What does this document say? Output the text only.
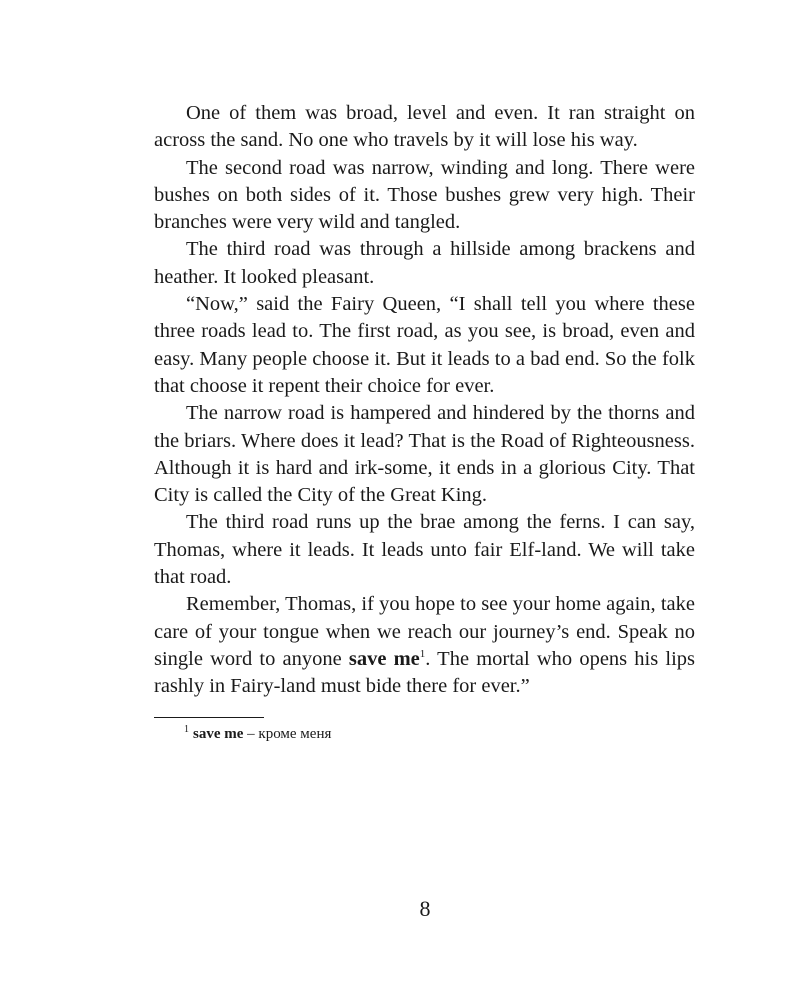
One of them was broad, level and even. It ran straight on across the sand. No one who travels by it will lose his way.

The second road was narrow, winding and long. There were bushes on both sides of it. Those bushes grew very high. Their branches were very wild and tangled.

The third road was through a hillside among brackens and heather. It looked pleasant.

“Now,” said the Fairy Queen, “I shall tell you where these three roads lead to. The first road, as you see, is broad, even and easy. Many people choose it. But it leads to a bad end. So the folk that choose it repent their choice for ever.

The narrow road is hampered and hindered by the thorns and the briars. Where does it lead? That is the Road of Righteousness. Although it is hard and irk-some, it ends in a glorious City. That City is called the City of the Great King.

The third road runs up the brae among the ferns. I can say, Thomas, where it leads. It leads unto fair Elf-land. We will take that road.

Remember, Thomas, if you hope to see your home again, take care of your tongue when we reach our journey’s end. Speak no single word to anyone save me$^1$. The mortal who opens his lips rashly in Fairy-land must bide there for ever.”

$^1$ save me – кроме меня
8
